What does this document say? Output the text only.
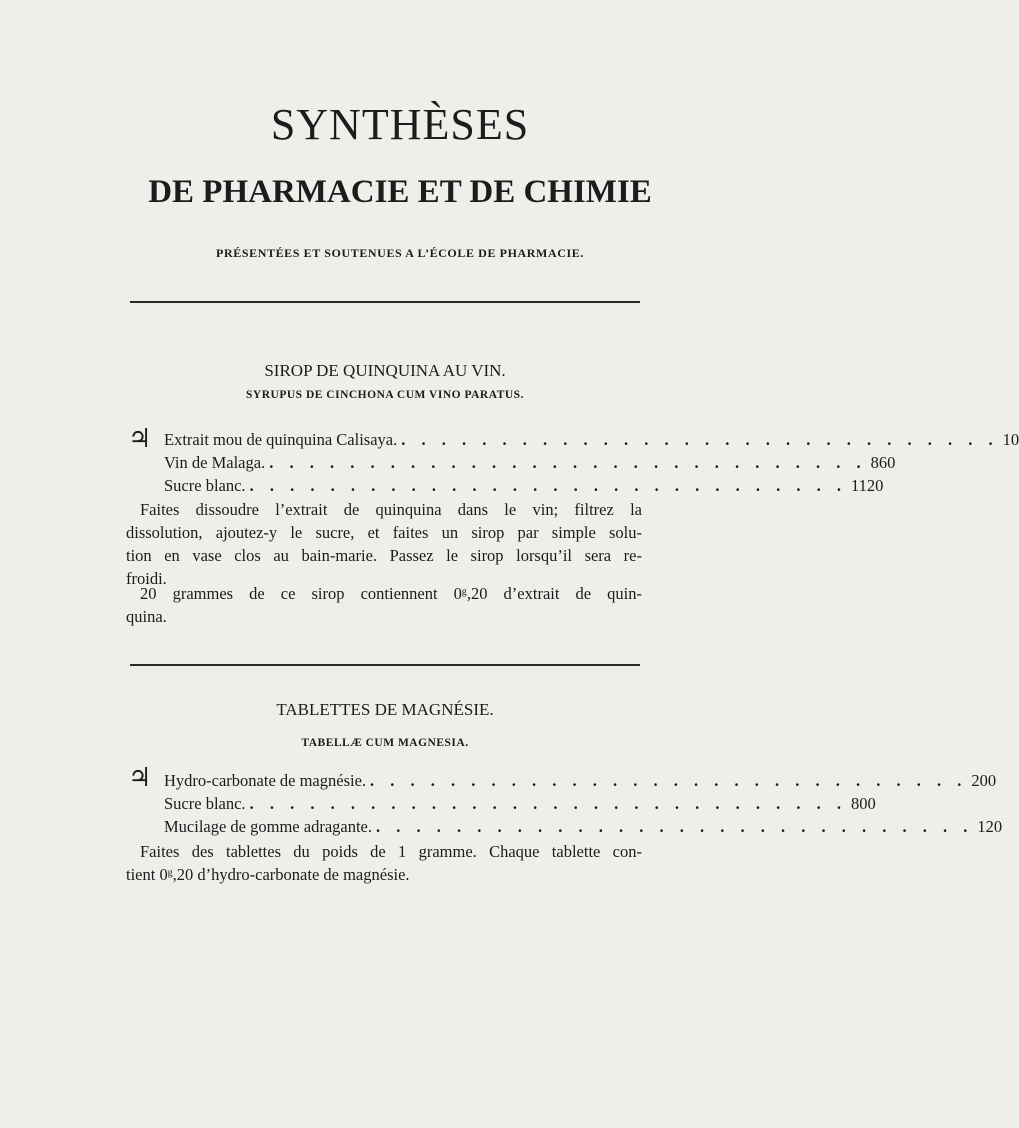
SYNTHÈSES
DE PHARMACIE ET DE CHIMIE
PRÉSENTÉES ET SOUTENUES A L’ÉCOLE DE PHARMACIE.
SIROP DE QUINQUINA AU VIN.
SYRUPUS DE CINCHONA CUM VINO PARATUS.
♃ Extrait mou de quinquina Calisaya. . . . . . . . . . . . . . . . . . . . . . . . . . . . . . . 10
Vin de Malaga. . . . . . . . . . . . . . . . . . . . . . . . . . . . . . . 860
Sucre blanc. . . . . . . . . . . . . . . . . . . . . . . . . . . . . . . 1120
Faites dissoudre l’extrait de quinquina dans le vin; filtrez la
dissolution, ajoutez-y le sucre, et faites un sirop par simple solu-
tion en vase clos au bain-marie. Passez le sirop lorsqu’il sera re-
froidi.
20 grammes de ce sirop contiennent 0ᵍ,20 d’extrait de quin-
quina.
TABLETTES DE MAGNÉSIE.
TABELLÆ CUM MAGNESIA.
♃ Hydro-carbonate de magnésie. . . . . . . . . . . . . . . . . . . . . . . . . . . . . . . 200
Sucre blanc. . . . . . . . . . . . . . . . . . . . . . . . . . . . . . . 800
Mucilage de gomme adragante. . . . . . . . . . . . . . . . . . . . . . . . . . . . . . . 120
Faites des tablettes du poids de 1 gramme. Chaque tablette con-
tient 0ᵍ,20 d’hydro-carbonate de magnésie.
